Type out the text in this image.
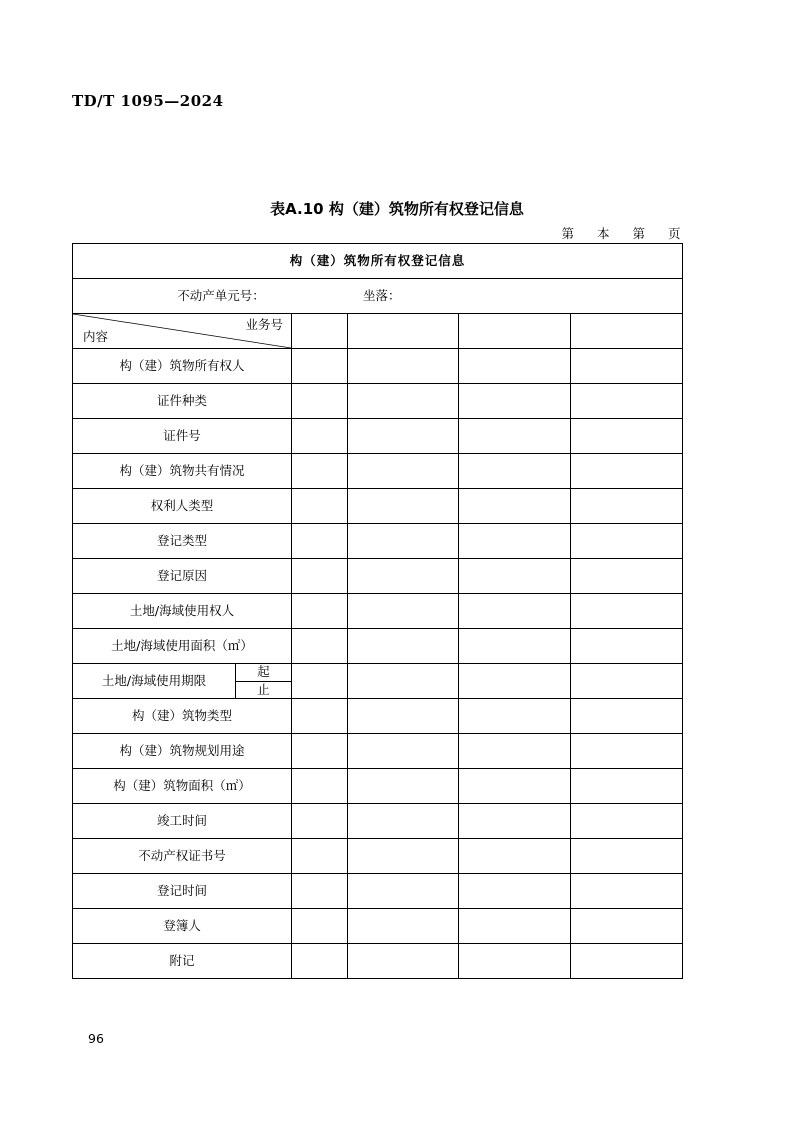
TD/T 1095—2024
表A.10 构（建）筑物所有权登记信息
第 本 第 页
构（建）筑物所有权登记信息					

不动产单元号： 坐落：					

业务号
内容					

构（建）筑物所有权人					
证件种类					
证件号					
构（建）筑物共有情况					
权利人类型					
登记类型					
登记原因					
土地/海域使用权人					
土地/海域使用面积（㎡）					
土地/海域使用期限	起
止				

构（建）筑物类型					
构（建）筑物规划用途					
构（建）筑物面积（㎡）					
竣工时间					
不动产权证书号					
登记时间					
登簿人					
附记					
96
